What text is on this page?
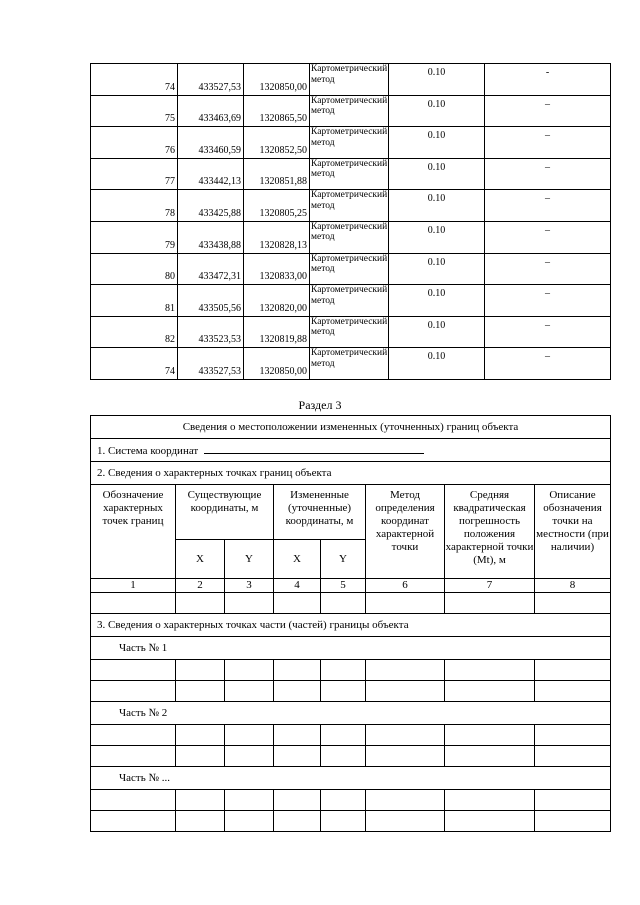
74	433527,53	1320850,00	Картометрический метод	0.10	-
75	433463,69	1320865,50	Картометрический метод	0.10	–
76	433460,59	1320852,50	Картометрический метод	0.10	–
77	433442,13	1320851,88	Картометрический метод	0.10	–
78	433425,88	1320805,25	Картометрический метод	0.10	–
79	433438,88	1320828,13	Картометрический метод	0.10	–
80	433472,31	1320833,00	Картометрический метод	0.10	–
81	433505,56	1320820,00	Картометрический метод	0.10	–
82	433523,53	1320819,88	Картометрический метод	0.10	–
74	433527,53	1320850,00	Картометрический метод	0.10	–
Раздел 3
Сведения о местоположении измененных (уточненных) границ объекта							
1. Система координат							
2. Сведения о характерных точках границ объекта							
Обозначение характерных точек границ	Существующие координаты, м		Измененные (уточненные) координаты, м		Метод определения координат характерной точки	Средняя квадратическая погрешность положения характерной точки (Mt), м	Описание обозначения точки на местности (при наличии)
	X	Y	X	Y			
1	2	3	4	5	6	7	8

3. Сведения о характерных точках части (частей) границы объекта							
Часть № 1							

Часть № 2							

Часть № ...							
